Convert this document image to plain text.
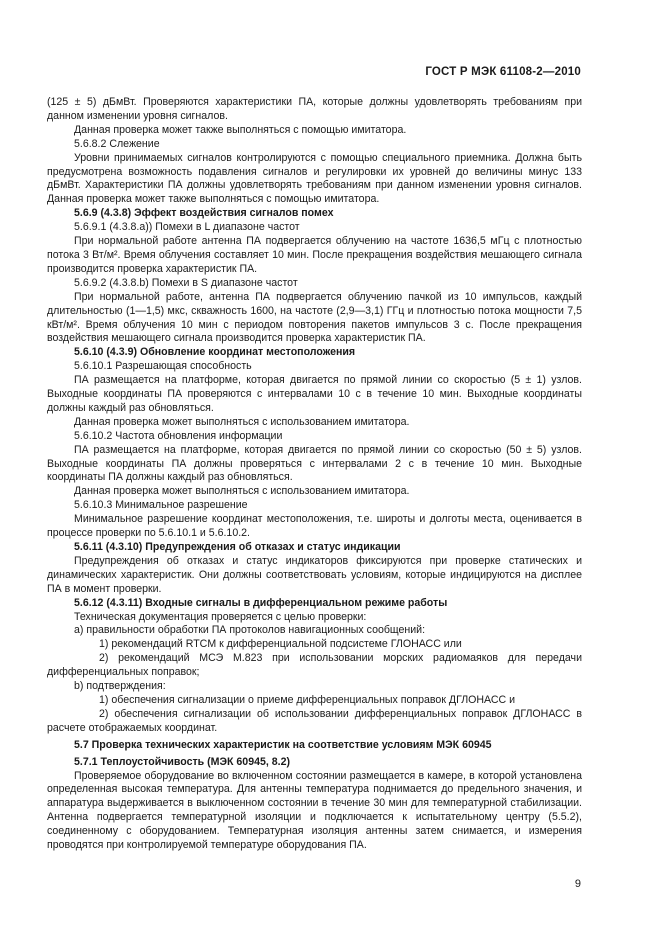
ГОСТ Р МЭК 61108-2—2010

(125 ± 5) дБмВт. Проверяются характеристики ПА, которые должны удовлетворять требованиям при данном изменении уровня сигналов.

Данная проверка может также выполняться с помощью имитатора.

5.6.8.2 Слежение

Уровни принимаемых сигналов контролируются с помощью специального приемника. Должна быть предусмотрена возможность подавления сигналов и регулировки их уровней до величины минус 133 дБмВт. Характеристики ПА должны удовлетворять требованиям при данном изменении уровня сигналов. Данная проверка может также выполняться с помощью имитатора.

5.6.9 (4.3.8) Эффект воздействия сигналов помех

5.6.9.1 (4.3.8.a)) Помехи в L диапазоне частот

При нормальной работе антенна ПА подвергается облучению на частоте 1636,5 мГц с плотностью потока 3 Вт/м². Время облучения составляет 10 мин. После прекращения воздействия мешающего сигнала производится проверка характеристик ПА.

5.6.9.2 (4.3.8.b) Помехи в S диапазоне частот

При нормальной работе, антенна ПА подвергается облучению пачкой из 10 импульсов, каждый длительностью (1—1,5) мкс, скважность 1600, на частоте (2,9—3,1) ГГц и плотностью потока мощности 7,5 кВт/м². Время облучения 10 мин с периодом повторения пакетов импульсов 3 с. После прекращения воздействия мешающего сигнала производится проверка характеристик ПА.

5.6.10 (4.3.9) Обновление координат местоположения

5.6.10.1 Разрешающая способность

ПА размещается на платформе, которая двигается по прямой линии со скоростью (5 ± 1) узлов. Выходные координаты ПА проверяются с интервалами 10 с в течение 10 мин. Выходные координаты должны каждый раз обновляться.

Данная проверка может выполняться с использованием имитатора.

5.6.10.2 Частота обновления информации

ПА размещается на платформе, которая двигается по прямой линии со скоростью (50 ± 5) узлов. Выходные координаты ПА должны проверяться с интервалами 2 с в течение 10 мин. Выходные координаты ПА должны каждый раз обновляться.

Данная проверка может выполняться с использованием имитатора.

5.6.10.3 Минимальное разрешение

Минимальное разрешение координат местоположения, т.е. широты и долготы места, оценивается в процессе проверки по 5.6.10.1 и 5.6.10.2.

5.6.11 (4.3.10) Предупреждения об отказах и статус индикации

Предупреждения об отказах и статус индикаторов фиксируются при проверке статических и динамических характеристик. Они должны соответствовать условиям, которые индицируются на дисплее ПА в момент проверки.

5.6.12 (4.3.11) Входные сигналы в дифференциальном режиме работы

Техническая документация проверяется с целью проверки:

a) правильности обработки ПА протоколов навигационных сообщений:

1) рекомендаций RTCM к дифференциальной подсистеме ГЛОНАСС или

2) рекомендаций МСЭ M.823 при использовании морских радиомаяков для передачи дифференциальных поправок;

b) подтверждения:

1) обеспечения сигнализации о приеме дифференциальных поправок ДГЛОНАСС и

2) обеспечения сигнализации об использовании дифференциальных поправок ДГЛОНАСС в расчете отображаемых координат.

5.7 Проверка технических характеристик на соответствие условиям МЭК 60945

5.7.1 Теплоустойчивость (МЭК 60945, 8.2)

Проверяемое оборудование во включенном состоянии размещается в камере, в которой установлена определенная высокая температура. Для антенны температура поднимается до предельного значения, и аппаратура выдерживается в выключенном состоянии в течение 30 мин для температурной стабилизации. Антенна подвергается температурной изоляции и подключается к испытательному центру (5.5.2), соединенному с оборудованием. Температурная изоляция антенны затем снимается, и измерения проводятся при контролируемой температуре оборудования ПА.

9
